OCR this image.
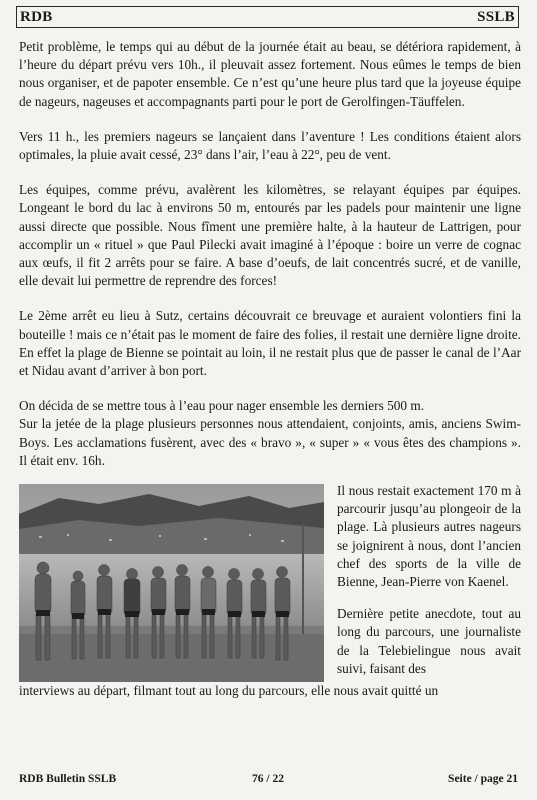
RDB	SSLB

Petit problème, le temps qui au début de la journée était au beau, se détériora rapidement, à l’heure du départ prévu vers 10h., il pleuvait assez fortement. Nous eûmes le temps de bien nous organiser, et de papoter ensemble. Ce n’est qu’une heure plus tard que la joyeuse équipe de nageurs, nageuses et accompagnants parti pour le port de Gerolfingen-Täuffelen.

Vers 11 h., les premiers nageurs se lançaient dans l’aventure ! Les conditions étaient alors optimales, la pluie avait cessé, 23° dans l’air, l’eau à 22°, peu de vent.

Les équipes, comme prévu, avalèrent les kilomètres, se relayant équipes par équipes. Longeant le bord du lac à environs 50 m, entourés par les padels pour maintenir une ligne aussi directe que possible. Nous fîment une première halte, à la hauteur de Lattrigen, pour accomplir un « rituel » que Paul Pilecki avait imaginé à l’époque : boire un verre de cognac aux œufs, il fit 2 arrêts pour se faire. A base d’oeufs, de lait concentrés sucré, et de vanille, elle devait lui permettre de reprendre des forces!

Le 2ème arrêt eu lieu à Sutz, certains découvrait ce breuvage et auraient volontiers fini la bouteille ! mais ce n’était pas le moment de faire des folies, il restait une dernière ligne droite. En effet la plage de Bienne se pointait au loin, il ne restait plus que de passer le canal de l’Aar et Nidau avant d’arriver à bon port.

On décida de se mettre tous à l’eau pour nager ensemble les derniers 500 m.

Sur la jetée de la plage plusieurs personnes nous attendaient, conjoints, amis, anciens Swim-Boys. Les acclamations fusèrent, avec des « bravo », « super » « vous êtes des champions ». Il était env. 16h.

Il nous restait exactement 170 m à parcourir jusqu’au plongeoir de la plage. Là plusieurs autres nageurs se joignirent à nous, dont l’ancien chef des sports de la ville de Bienne, Jean-Pierre von Kaenel.

Dernière petite anecdote, tout au long du parcours, une journaliste de la Telebielingue nous avait suivi, faisant des

interviews au départ, filmant tout au long du parcours, elle nous avait quitté un

RDB Bulletin SSLB	76 / 22	Seite / page 21
